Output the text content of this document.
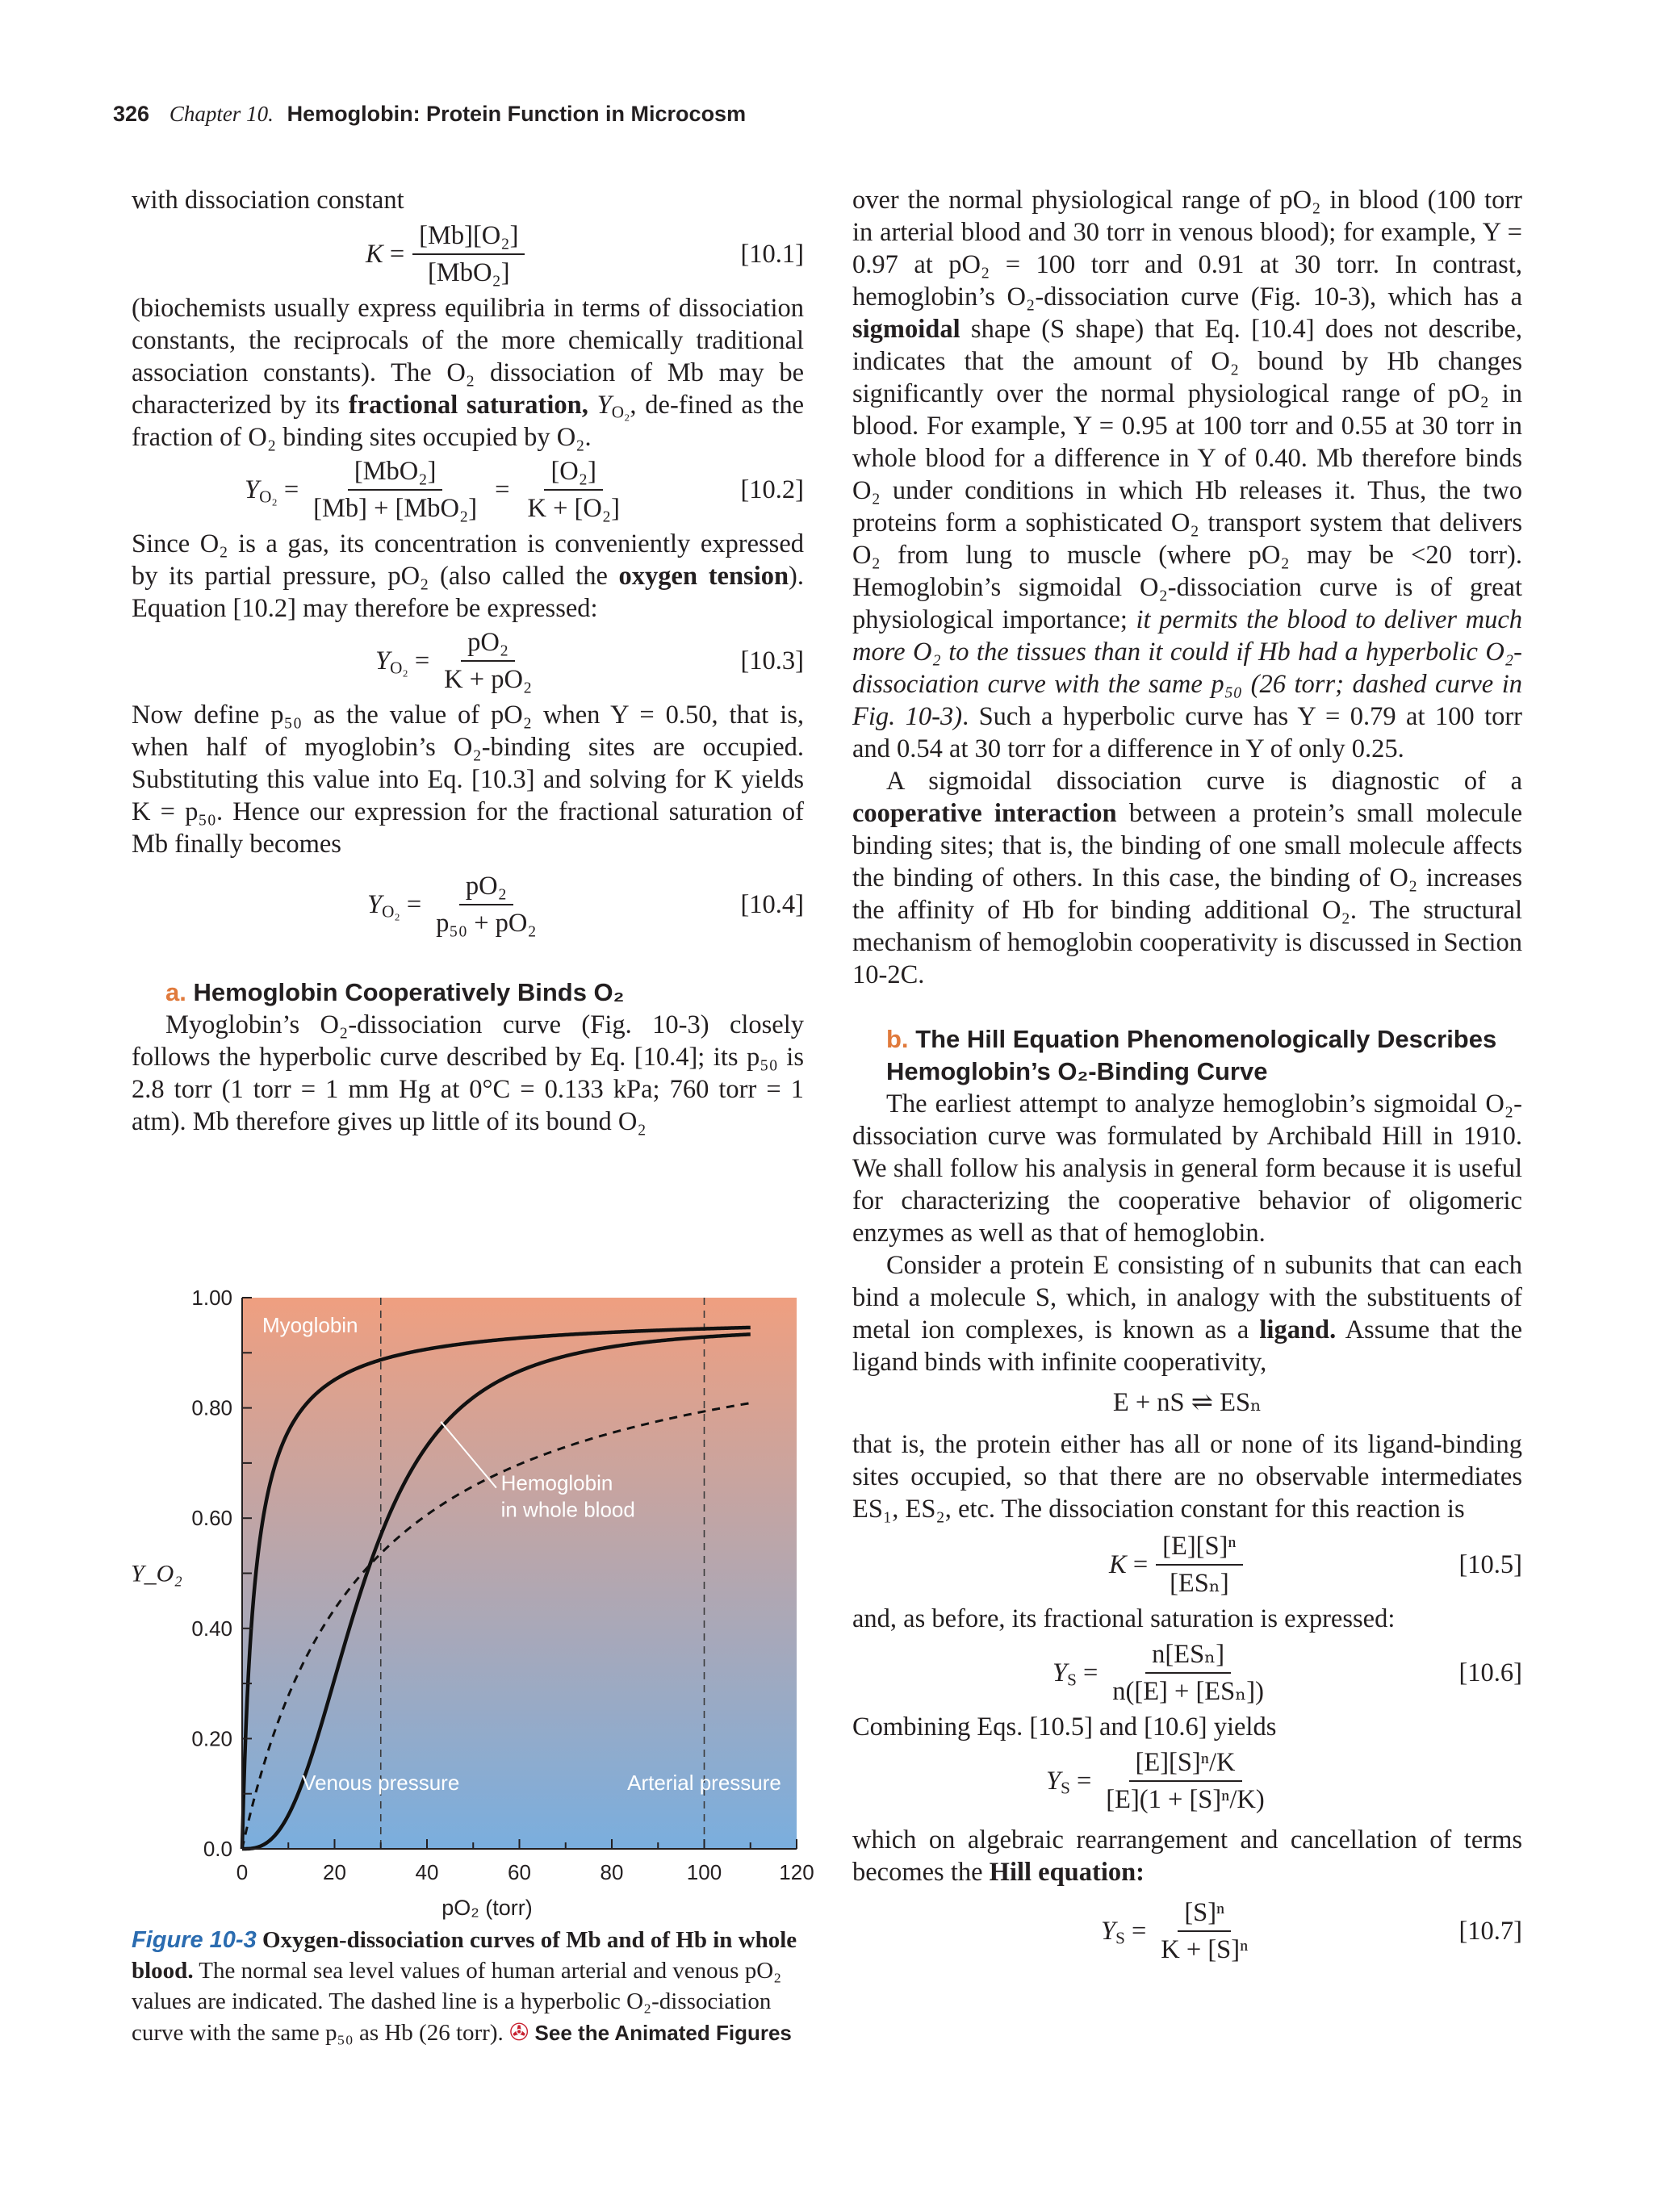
326 Chapter 10. Hemoglobin: Protein Function in Microcosm

with dissociation constant

$K = \frac{\text{[Mb][O₂]}}{\text{[MbO₂]}}$	[10.1]

(biochemists usually express equilibria in terms of dissociation constants, the reciprocals of the more chemically traditional association constants). The O₂ dissociation of Mb may be characterized by its fractional saturation, $Y_{O_2}$, de-fined as the fraction of O₂ binding sites occupied by O₂.

$Y_{O_2} = \frac{\text{[MbO₂]}}{\text{[Mb] + [MbO₂]}} = \frac{\text{[O₂]}}{\text{K + [O₂]}}$	[10.2]

Since O₂ is a gas, its concentration is conveniently expressed by its partial pressure, pO₂ (also called the oxygen tension). Equation [10.2] may therefore be expressed:

$Y_{O_2} = \frac{\text{pO₂}}{\text{K + pO₂}}$	[10.3]

Now define p₅₀ as the value of pO₂ when Y = 0.50, that is, when half of myoglobin’s O₂-binding sites are occupied. Substituting this value into Eq. [10.3] and solving for K yields K = p₅₀. Hence our expression for the fractional saturation of Mb finally becomes

$Y_{O_2} = \frac{\text{pO₂}}{\text{p₅₀ + pO₂}}$	[10.4]
a. Hemoglobin Cooperatively Binds O₂

Myoglobin’s O₂-dissociation curve (Fig. 10-3) closely follows the hyperbolic curve described by Eq. [10.4]; its p₅₀ is 2.8 torr (1 torr = 1 mm Hg at 0°C = 0.133 kPa; 760 torr = 1 atm). Mb therefore gives up little of its bound O₂

0.0
0.20
0.40
0.60
0.80
1.00
0	20	40	60	80	100	120
pO₂ (torr)
Y_O₂
Myoglobin
Hemoglobin
in whole blood
Venous pressure	Arterial pressure
Figure 10-3 Oxygen-dissociation curves of Mb and of Hb in whole blood. The normal sea level values of human arterial and venous pO₂ values are indicated. The dashed line is a hyperbolic O₂-dissociation curve with the same p₅₀ as Hb (26 torr). ✇ See the Animated Figures

over the normal physiological range of pO₂ in blood (100 torr in arterial blood and 30 torr in venous blood); for example, Y = 0.97 at pO₂ = 100 torr and 0.91 at 30 torr. In contrast, hemoglobin’s O₂-dissociation curve (Fig. 10-3), which has a sigmoidal shape (S shape) that Eq. [10.4] does not describe, indicates that the amount of O₂ bound by Hb changes significantly over the normal physiological range of pO₂ in blood. For example, Y = 0.95 at 100 torr and 0.55 at 30 torr in whole blood for a difference in Y of 0.40. Mb therefore binds O₂ under conditions in which Hb releases it. Thus, the two proteins form a sophisticated O₂ transport system that delivers O₂ from lung to muscle (where pO₂ may be <20 torr). Hemoglobin’s sigmoidal O₂-dissociation curve is of great physiological importance; it permits the blood to deliver much more O₂ to the tissues than it could if Hb had a hyperbolic O₂-dissociation curve with the same p₅₀ (26 torr; dashed curve in Fig. 10-3). Such a hyperbolic curve has Y = 0.79 at 100 torr and 0.54 at 30 torr for a difference in Y of only 0.25.

A sigmoidal dissociation curve is diagnostic of a cooperative interaction between a protein’s small molecule binding sites; that is, the binding of one small molecule affects the binding of others. In this case, the binding of O₂ increases the affinity of Hb for binding additional O₂. The structural mechanism of hemoglobin cooperativity is discussed in Section 10-2C.

b. The Hill Equation Phenomenologically Describes Hemoglobin’s O₂-Binding Curve

The earliest attempt to analyze hemoglobin’s sigmoidal O₂-dissociation curve was formulated by Archibald Hill in 1910. We shall follow his analysis in general form because it is useful for characterizing the cooperative behavior of oligomeric enzymes as well as that of hemoglobin.

Consider a protein E consisting of n subunits that can each bind a molecule S, which, in analogy with the substituents of metal ion complexes, is known as a ligand. Assume that the ligand binds with infinite cooperativity,

E + nS ⇌ ESₙ

that is, the protein either has all or none of its ligand-binding sites occupied, so that there are no observable intermediates ES₁, ES₂, etc. The dissociation constant for this reaction is

$K = \frac{\text{[E][S]ⁿ}}{\text{[ESₙ]}}$	[10.5]

and, as before, its fractional saturation is expressed:

$Y_S = \frac{\text{n[ESₙ]}}{\text{n([E] + [ESₙ])}}$	[10.6]

Combining Eqs. [10.5] and [10.6] yields

$Y_S = \frac{\text{[E][S]ⁿ/K}}{\text{[E](1 + [S]ⁿ/K)}}$

which on algebraic rearrangement and cancellation of terms becomes the Hill equation:

$Y_S = \frac{\text{[S]ⁿ}}{\text{K + [S]ⁿ}}$	[10.7]
